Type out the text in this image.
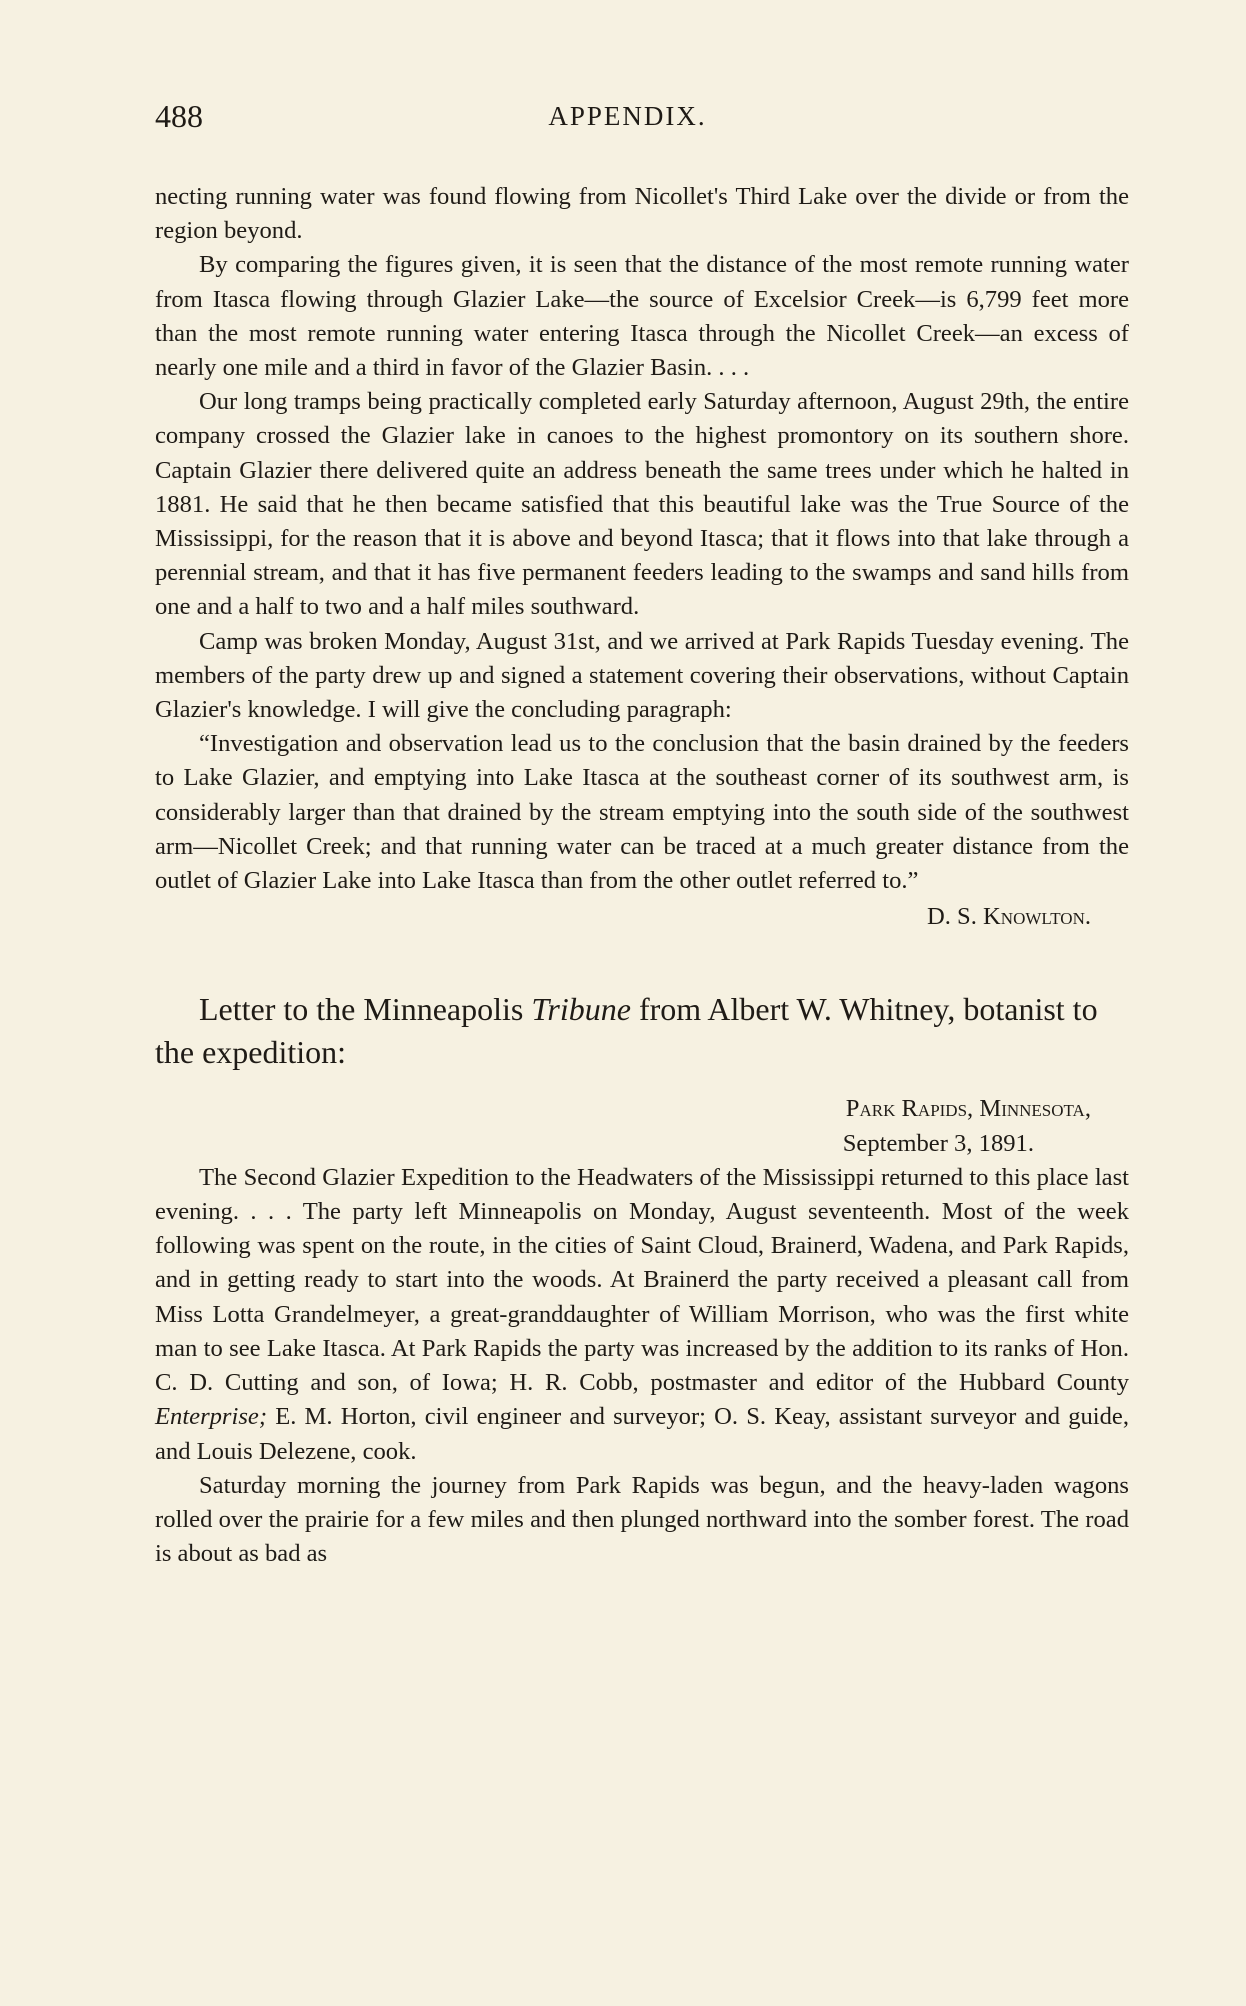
488	APPENDIX.

necting running water was found flowing from Nicollet's Third Lake over the divide or from the region beyond.

By comparing the figures given, it is seen that the distance of the most remote running water from Itasca flowing through Glazier Lake—the source of Excelsior Creek—is 6,799 feet more than the most remote running water entering Itasca through the Nicollet Creek—an excess of nearly one mile and a third in favor of the Glazier Basin. . . .

Our long tramps being practically completed early Saturday afternoon, August 29th, the entire company crossed the Glazier lake in canoes to the highest promontory on its southern shore. Captain Glazier there delivered quite an address beneath the same trees under which he halted in 1881. He said that he then became satisfied that this beautiful lake was the True Source of the Mississippi, for the reason that it is above and beyond Itasca; that it flows into that lake through a perennial stream, and that it has five permanent feeders leading to the swamps and sand hills from one and a half to two and a half miles southward.

Camp was broken Monday, August 31st, and we arrived at Park Rapids Tuesday evening. The members of the party drew up and signed a statement covering their observations, without Captain Glazier's knowledge. I will give the concluding paragraph:

“Investigation and observation lead us to the conclusion that the basin drained by the feeders to Lake Glazier, and emptying into Lake Itasca at the southeast corner of its southwest arm, is considerably larger than that drained by the stream emptying into the south side of the southwest arm—Nicollet Creek; and that running water can be traced at a much greater distance from the outlet of Glazier Lake into Lake Itasca than from the other outlet referred to.”

D. S. Knowlton.
Letter to the Minneapolis Tribune from Albert W. Whitney, botanist to the expedition:
Park Rapids, Minnesota,
September 3, 1891.

The Second Glazier Expedition to the Headwaters of the Mississippi returned to this place last evening. . . . The party left Minneapolis on Monday, August seventeenth. Most of the week following was spent on the route, in the cities of Saint Cloud, Brainerd, Wadena, and Park Rapids, and in getting ready to start into the woods. At Brainerd the party received a pleasant call from Miss Lotta Grandelmeyer, a great-granddaughter of William Morrison, who was the first white man to see Lake Itasca. At Park Rapids the party was increased by the addition to its ranks of Hon. C. D. Cutting and son, of Iowa; H. R. Cobb, postmaster and editor of the Hubbard County Enterprise; E. M. Horton, civil engineer and surveyor; O. S. Keay, assistant surveyor and guide, and Louis Delezene, cook.

Saturday morning the journey from Park Rapids was begun, and the heavy-laden wagons rolled over the prairie for a few miles and then plunged northward into the somber forest. The road is about as bad as
